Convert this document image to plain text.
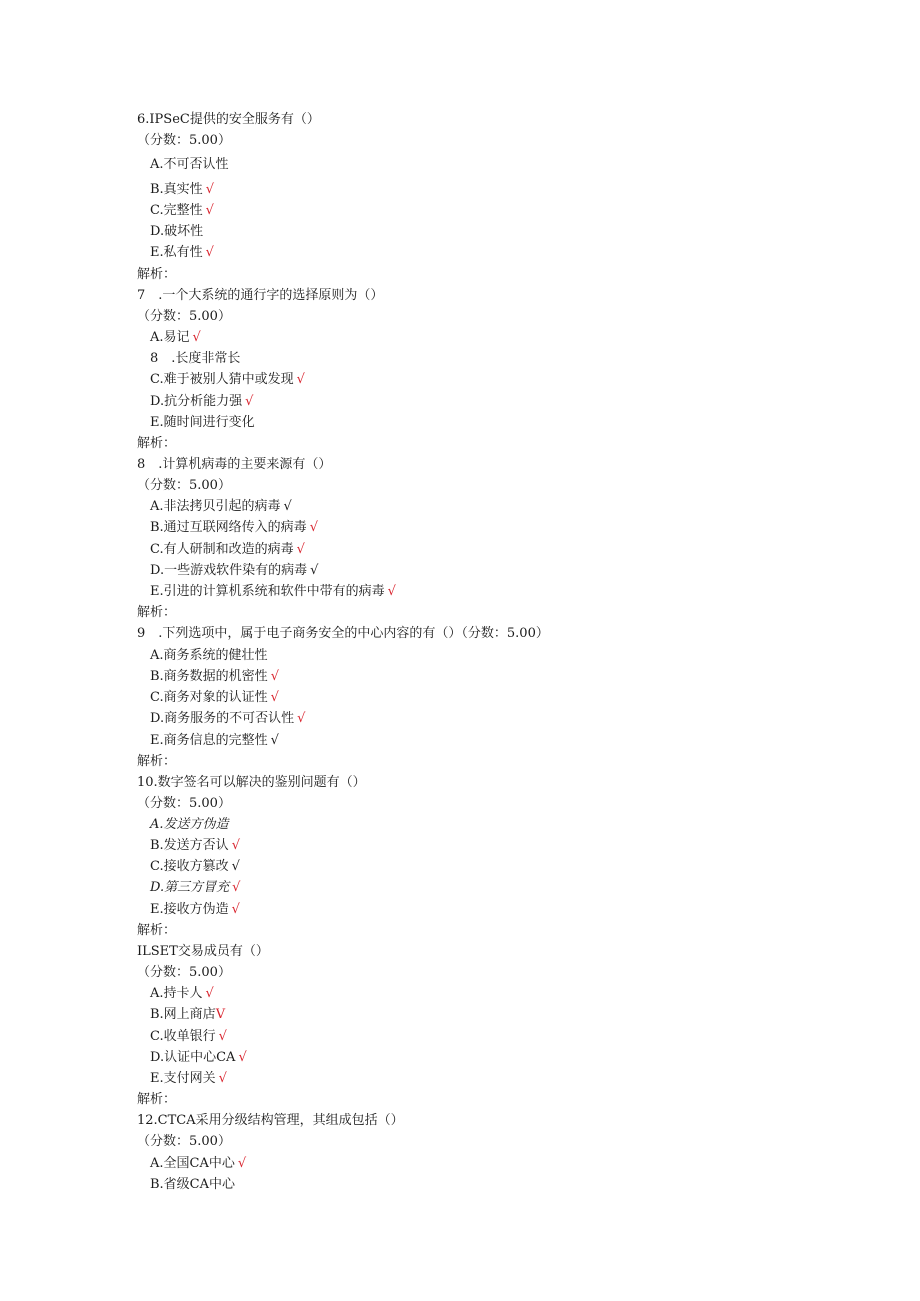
6.IPSeC提供的安全服务有（）
（分数：5.00）
A.不可否认性
B.真实性 √
C.完整性 √
D.破坏性
E.私有性 √
解析：
7　.一个大系统的通行字的选择原则为（）
（分数：5.00）
A.易记 √
8　.长度非常长
C.难于被别人猜中或发现 √
D.抗分析能力强 √
E.随时间进行变化
解析：
8　.计算机病毒的主要来源有（）
（分数：5.00）
A.非法拷贝引起的病毒 √
B.通过互联网络传入的病毒 √
C.有人研制和改造的病毒 √
D.一些游戏软件染有的病毒 √
E.引进的计算机系统和软件中带有的病毒 √
解析：
9　.下列选项中，属于电子商务安全的中心内容的有（）（分数：5.00）
A.商务系统的健壮性
B.商务数据的机密性 √
C.商务对象的认证性 √
D.商务服务的不可否认性 √
E.商务信息的完整性 √
解析：
10.数字签名可以解决的鉴别问题有（）
（分数：5.00）
A.发送方伪造
B.发送方否认 √
C.接收方篡改 √
D.第三方冒充 √
E.接收方伪造 √
解析：
ILSET交易成员有（）
（分数：5.00）
A.持卡人 √
B.网上商店V
C.收单银行 √
D.认证中心CA √
E.支付网关 √
解析：
12.CTCA采用分级结构管理，其组成包括（）
（分数：5.00）
A.全国CA中心 √
B.省级CA中心
